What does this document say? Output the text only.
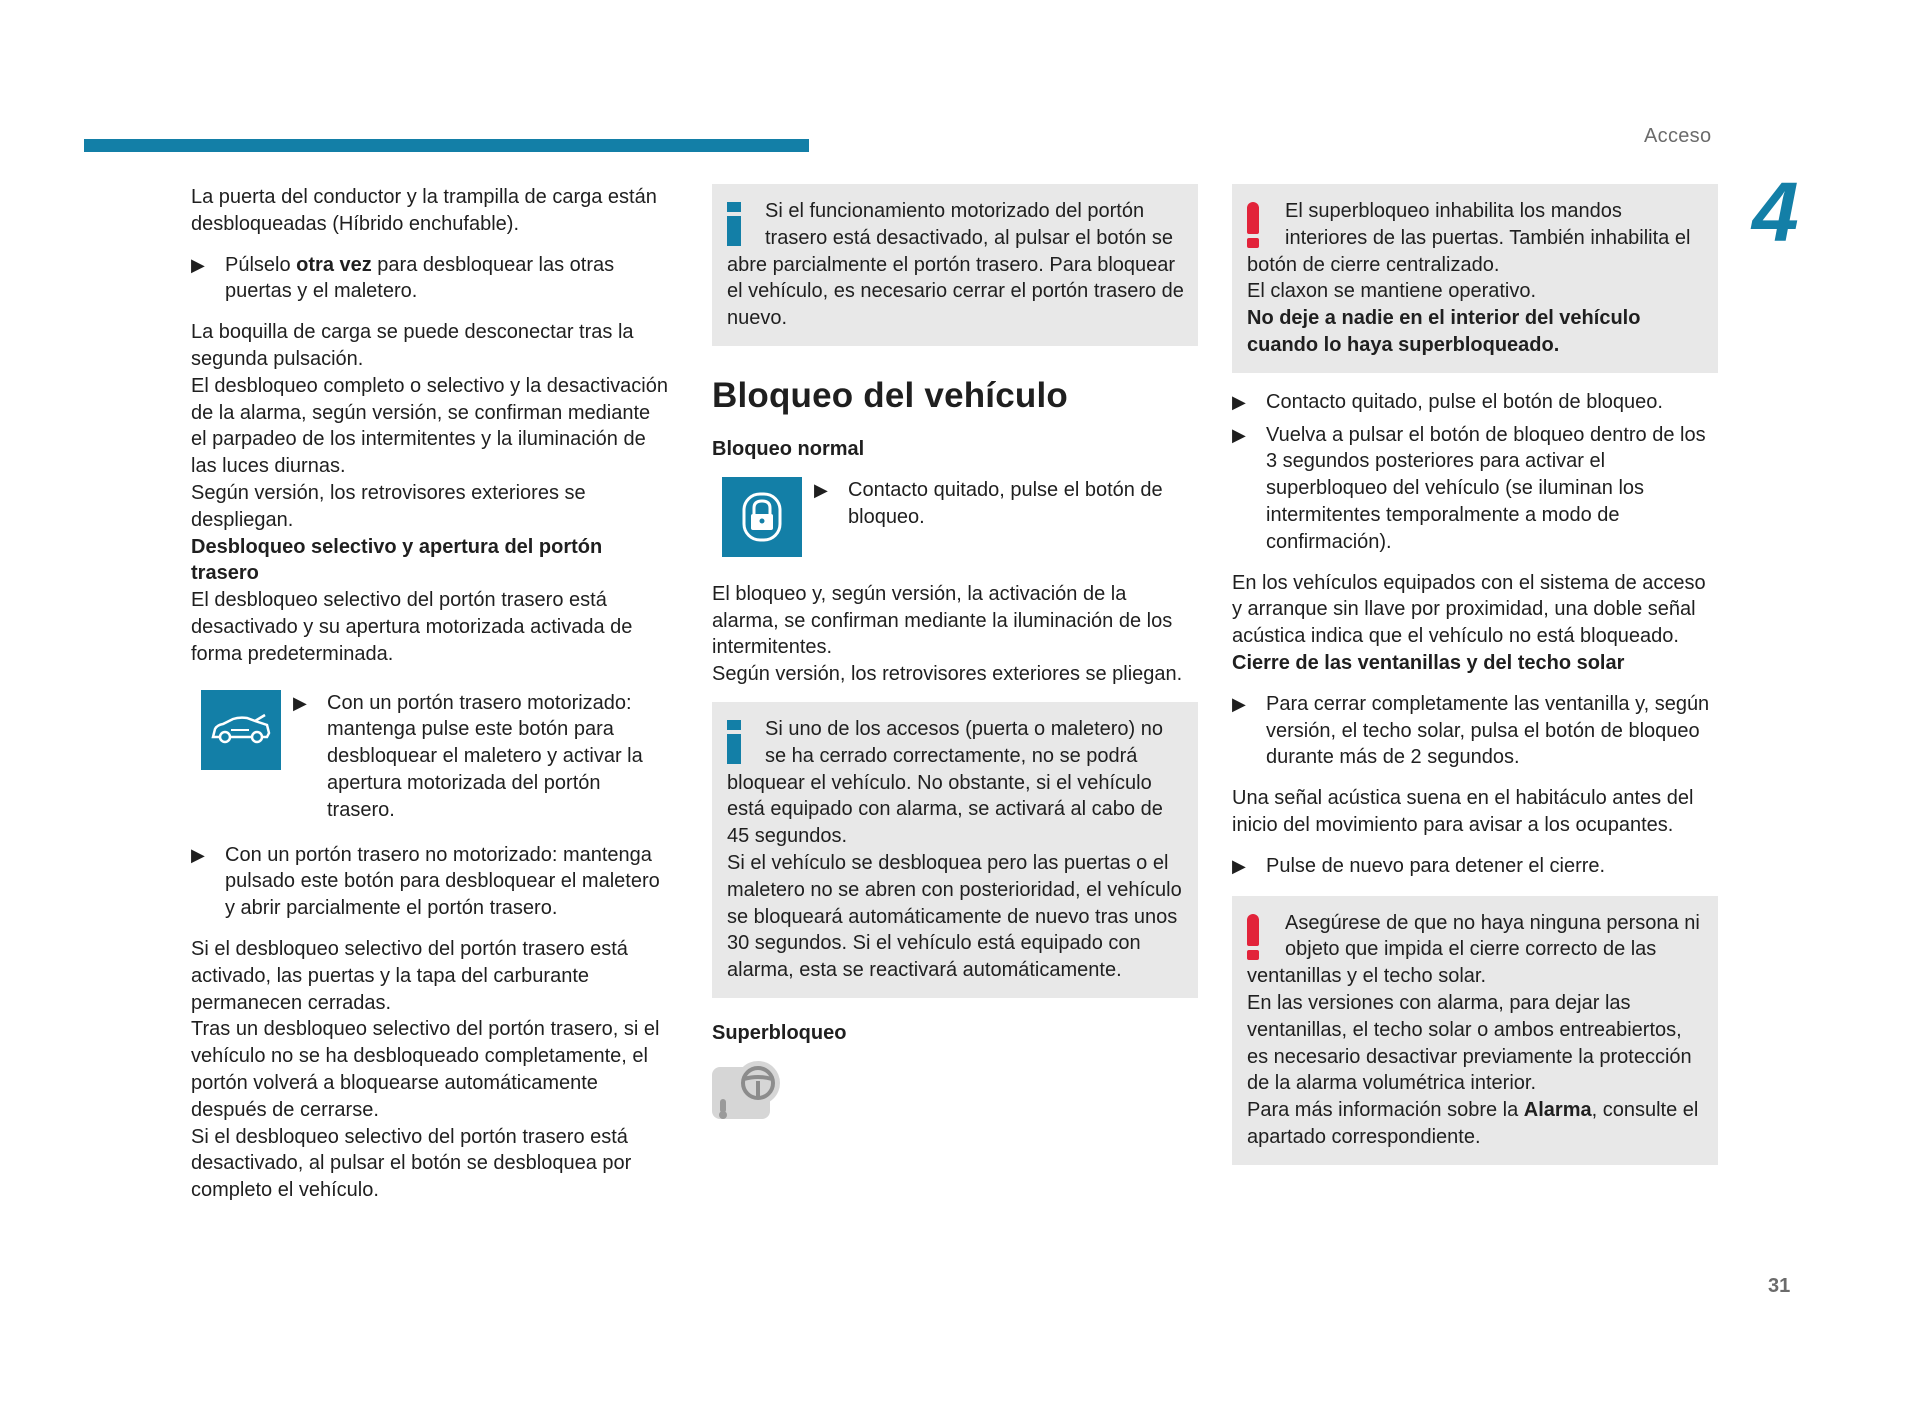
Acceso
4
31

La puerta del conductor y la trampilla de carga están desbloqueadas (Híbrido enchufable).

▶	Púlselo otra vez para desbloquear las otras puertas y el maletero.

La boquilla de carga se puede desconectar tras la segunda pulsación.

El desbloqueo completo o selectivo y la desactivación de la alarma, según versión, se confirman mediante el parpadeo de los intermitentes y la iluminación de las luces diurnas.

Según versión, los retrovisores exteriores se despliegan.

Desbloqueo selectivo y apertura del portón trasero

El desbloqueo selectivo del portón trasero está desactivado y su apertura motorizada activada de forma predeterminada.

▶	Con un portón trasero motorizado: mantenga pulse este botón para desbloquear el maletero y activar la apertura motorizada del portón trasero.
▶	Con un portón trasero no motorizado: mantenga pulsado este botón para desbloquear el maletero y abrir parcialmente el portón trasero.

Si el desbloqueo selectivo del portón trasero está activado, las puertas y la tapa del carburante permanecen cerradas.

Tras un desbloqueo selectivo del portón trasero, si el vehículo no se ha desbloqueado completamente, el portón volverá a bloquearse automáticamente después de cerrarse.

Si el desbloqueo selectivo del portón trasero está desactivado, al pulsar el botón se desbloquea por completo el vehículo.

Si el funcionamiento motorizado del portón trasero está desactivado, al pulsar el botón se abre parcialmente el portón trasero. Para bloquear el vehículo, es necesario cerrar el portón trasero de nuevo.

Bloqueo del vehículo

Bloqueo normal

▶	Contacto quitado, pulse el botón de bloqueo.

El bloqueo y, según versión, la activación de la alarma, se confirman mediante la iluminación de los intermitentes.

Según versión, los retrovisores exteriores se pliegan.

Si uno de los accesos (puerta o maletero) no se ha cerrado correctamente, no se podrá bloquear el vehículo. No obstante, si el vehículo está equipado con alarma, se activará al cabo de 45 segundos.

Si el vehículo se desbloquea pero las puertas o el maletero no se abren con posterioridad, el vehículo se bloqueará automáticamente de nuevo tras unos 30 segundos. Si el vehículo está equipado con alarma, esta se reactivará automáticamente.

Superbloqueo

El superbloqueo inhabilita los mandos interiores de las puertas. También inhabilita el botón de cierre centralizado.

El claxon se mantiene operativo.

No deje a nadie en el interior del vehículo cuando lo haya superbloqueado.

▶	Contacto quitado, pulse el botón de bloqueo.
▶	Vuelva a pulsar el botón de bloqueo dentro de los 3 segundos posteriores para activar el superbloqueo del vehículo (se iluminan los intermitentes temporalmente a modo de confirmación).

En los vehículos equipados con el sistema de acceso y arranque sin llave por proximidad, una doble señal acústica indica que el vehículo no está bloqueado.

Cierre de las ventanillas y del techo solar

▶	Para cerrar completamente las ventanilla y, según versión, el techo solar, pulsa el botón de bloqueo durante más de 2 segundos.

Una señal acústica suena en el habitáculo antes del inicio del movimiento para avisar a los ocupantes.

▶	Pulse de nuevo para detener el cierre.

Asegúrese de que no haya ninguna persona ni objeto que impida el cierre correcto de las ventanillas y el techo solar.

En las versiones con alarma, para dejar las ventanillas, el techo solar o ambos entreabiertos, es necesario desactivar previamente la protección de la alarma volumétrica interior.

Para más información sobre la Alarma, consulte el apartado correspondiente.
